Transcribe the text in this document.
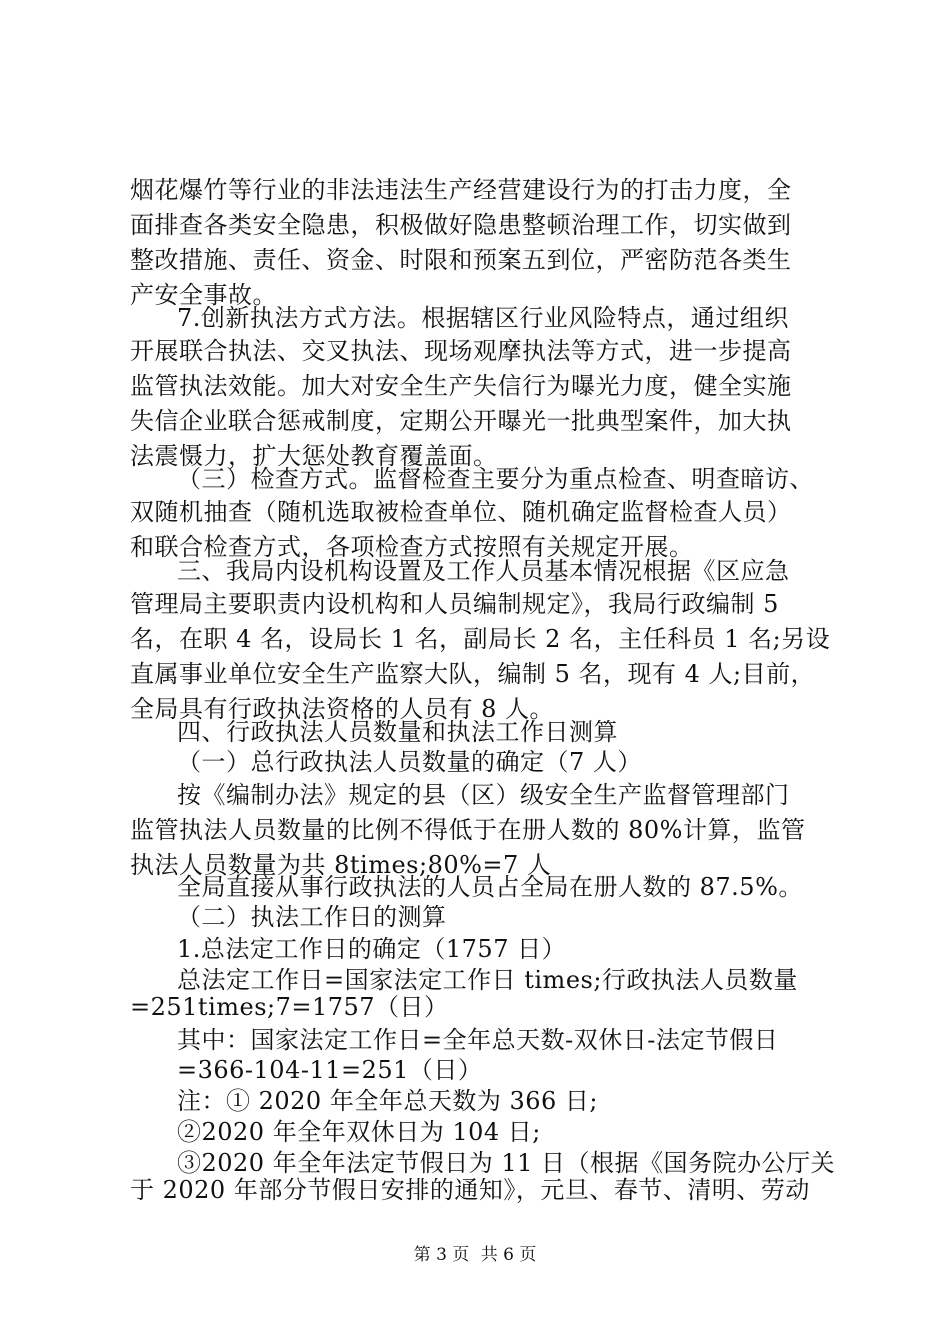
烟花爆竹等行业的非法违法生产经营建设行为的打击力度，全
面排查各类安全隐患，积极做好隐患整顿治理工作，切实做到
整改措施、责任、资金、时限和预案五到位，严密防范各类生
产安全事故。
7.创新执法方式方法。根据辖区行业风险特点，通过组织
开展联合执法、交叉执法、现场观摩执法等方式，进一步提高
监管执法效能。加大对安全生产失信行为曝光力度，健全实施
失信企业联合惩戒制度，定期公开曝光一批典型案件，加大执
法震慑力，扩大惩处教育覆盖面。
（三）检查方式。监督检查主要分为重点检查、明查暗访、
双随机抽查（随机选取被检查单位、随机确定监督检查人员）
和联合检查方式，各项检查方式按照有关规定开展。
三、我局内设机构设置及工作人员基本情况根据《区应急
管理局主要职责内设机构和人员编制规定》，我局行政编制 5
名，在职 4 名，设局长 1 名，副局长 2 名，主任科员 1 名;另设
直属事业单位安全生产监察大队，编制 5 名，现有 4 人;目前，
全局具有行政执法资格的人员有 8 人。
四、行政执法人员数量和执法工作日测算
（一）总行政执法人员数量的确定（7 人）
按《编制办法》规定的县（区）级安全生产监督管理部门
监管执法人员数量的比例不得低于在册人数的 80%计算，监管
执法人员数量为共 8times;80%=7 人
全局直接从事行政执法的人员占全局在册人数的 87.5%。
（二）执法工作日的测算
1.总法定工作日的确定（1757 日）
总法定工作日=国家法定工作日 times;行政执法人员数量
=251times;7=1757（日）
其中：国家法定工作日=全年总天数-双休日-法定节假日
=366-104-11=251（日）
注：① 2020 年全年总天数为 366 日;
②2020 年全年双休日为 104 日;
③2020 年全年法定节假日为 11 日（根据《国务院办公厅关
于 2020 年部分节假日安排的通知》，元旦、春节、清明、劳动
第 3 页 共 6 页
